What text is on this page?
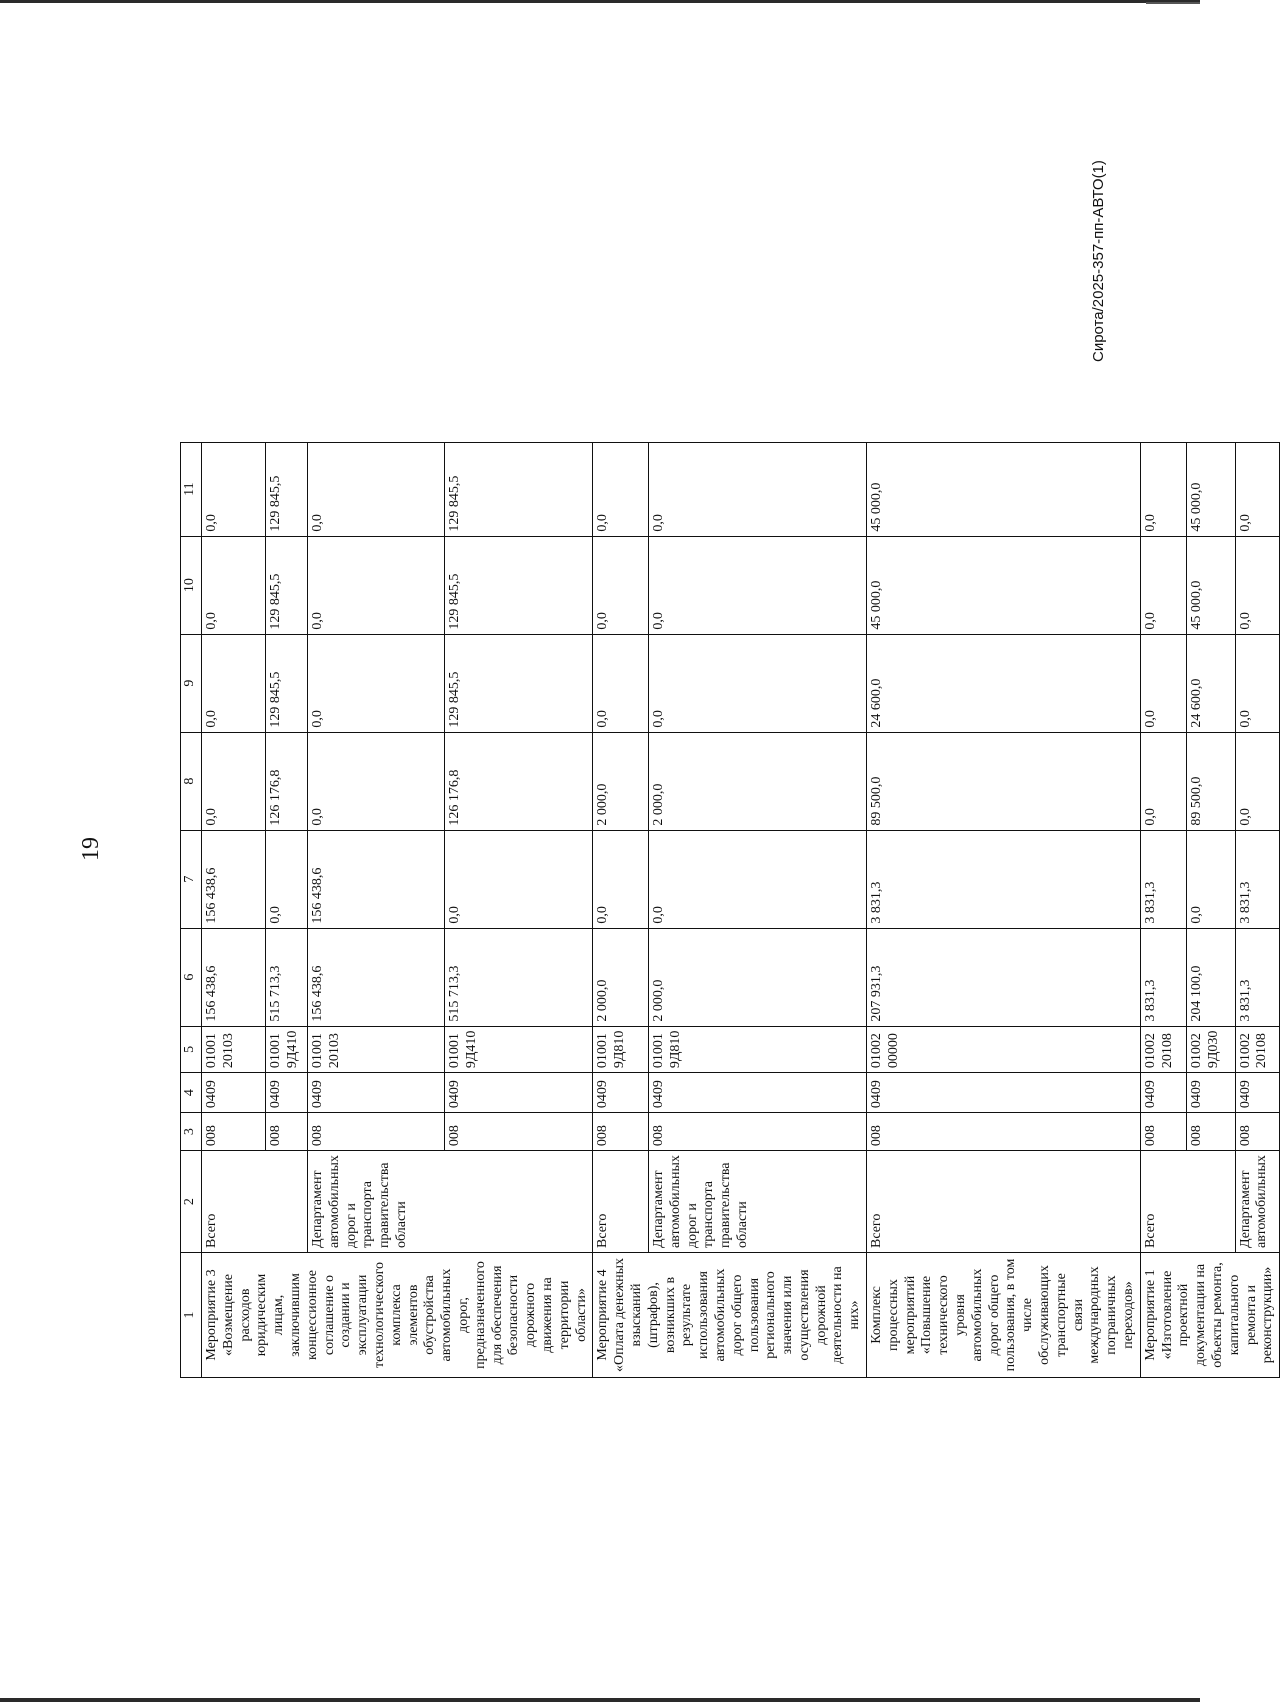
19
1	2	3	4	5	6	7	8	9	10	11
Мероприятие 3 «Возмещение расходов юридическим лицам, заключившим концессионное соглашение о создании и эксплуатации технологического комплекса элементов обустройства автомобильных дорог, предназначенного для обеспечения безопасности дорожного движения на территории области»	Всего	008	0409	01001 20103	156 438,6	156 438,6	0,0	0,0	0,0	0,0
		008	0409	01001 9Д410	515 713,3	0,0	126 176,8	129 845,5	129 845,5	129 845,5
	Департамент автомобильных дорог и транспорта правительства области	008	0409	01001 20103	156 438,6	156 438,6	0,0	0,0	0,0	0,0
		008	0409	01001 9Д410	515 713,3	0,0	126 176,8	129 845,5	129 845,5	129 845,5
Мероприятие 4 «Оплата денежных взысканий (штрафов), возникших в результате использования автомобильных дорог общего пользования регионального значения или осуществления дорожной деятельности на них»	Всего	008	0409	01001 9Д810	2 000,0	0,0	2 000,0	0,0	0,0	0,0
	Департамент автомобильных дорог и транспорта правительства области	008	0409	01001 9Д810	2 000,0	0,0	2 000,0	0,0	0,0	0,0
Комплекс процессных мероприятий «Повышение технического уровня автомобильных дорог общего пользования, в том числе обслуживающих транспортные связи международных пограничных переходов»	Всего	008	0409	01002 00000	207 931,3	3 831,3	89 500,0	24 600,0	45 000,0	45 000,0
Мероприятие 1 «Изготовление проектной документации на объекты ремонта, капитального ремонта и реконструкции»	Всего	008	0409	01002 20108	3 831,3	3 831,3	0,0	0,0	0,0	0,0
		008	0409	01002 9Д030	204 100,0	0,0	89 500,0	24 600,0	45 000,0	45 000,0
	Департамент автомобильных	008	0409	01002 20108	3 831,3	3 831,3	0,0	0,0	0,0	0,0
Сирота/2025-357-пп-АВТО(1)
